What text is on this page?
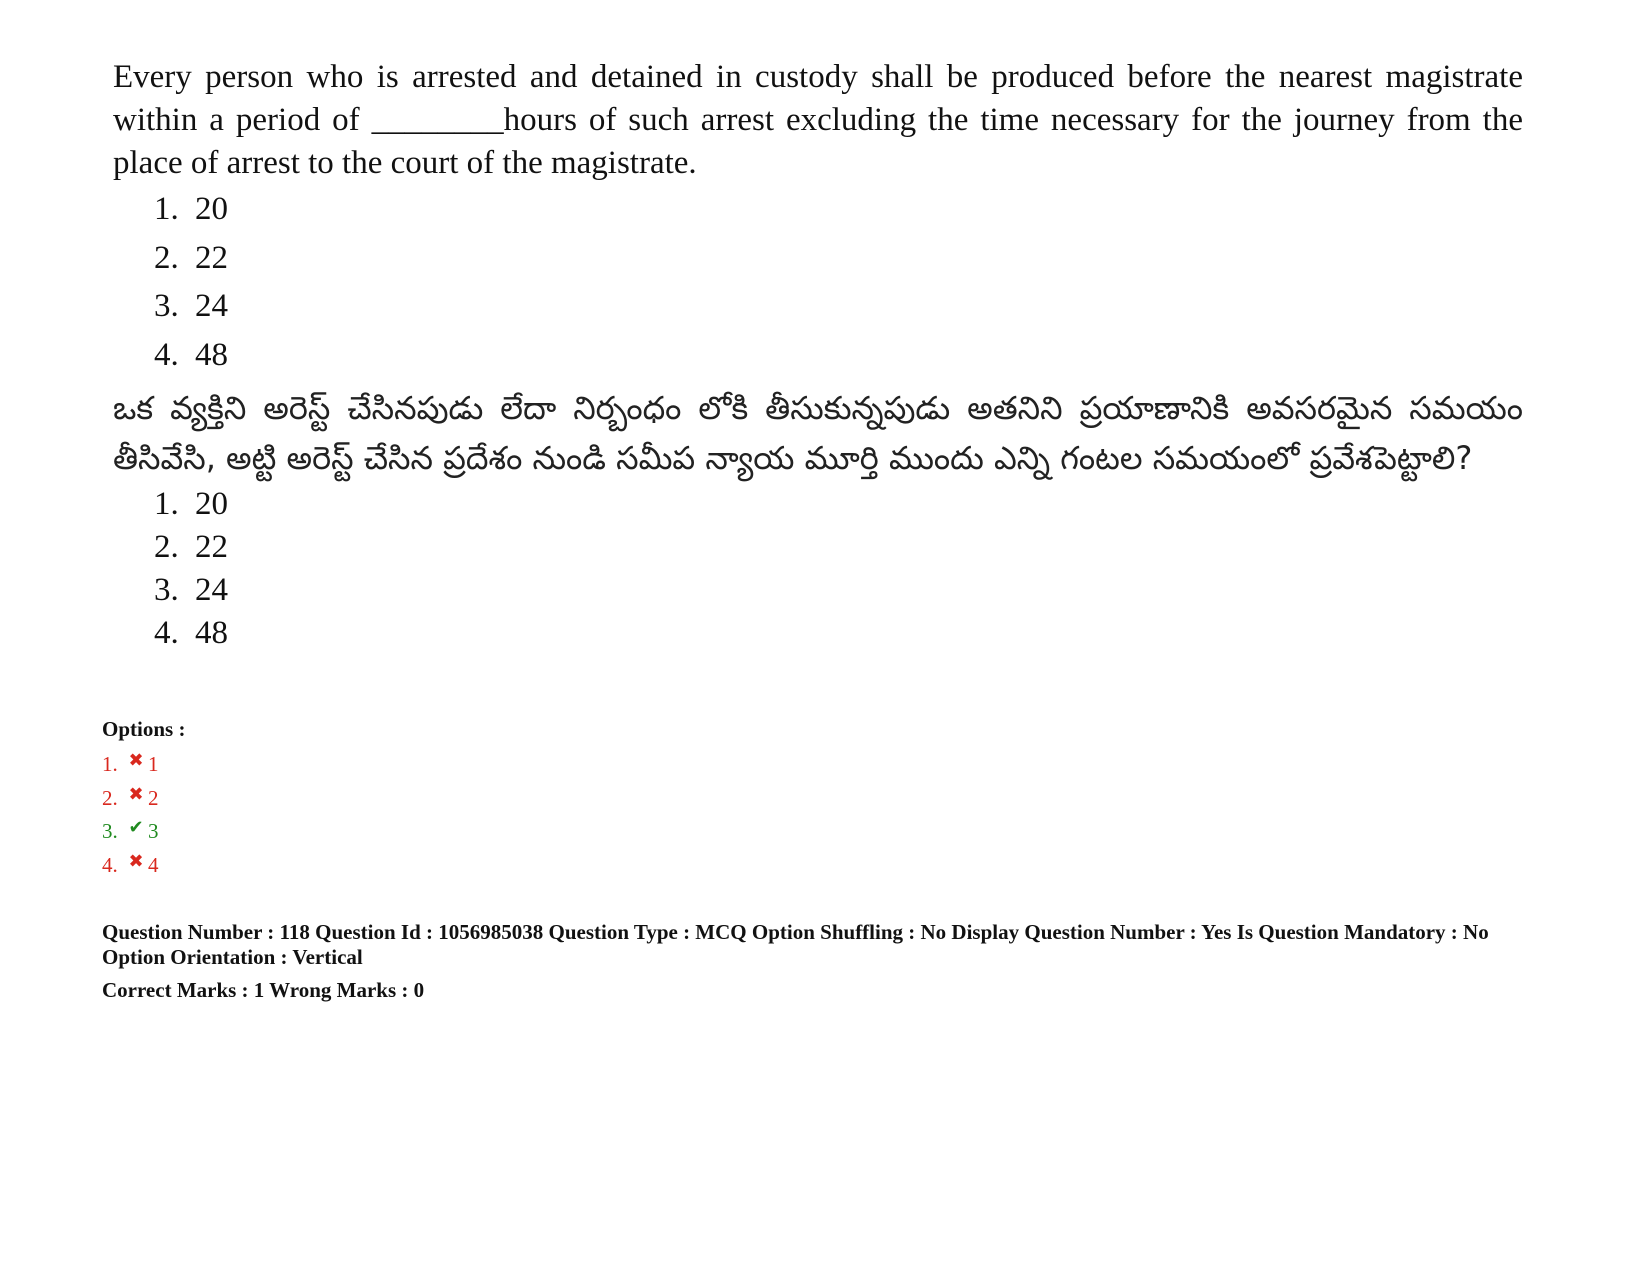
Every person who is arrested and detained in custody shall be produced before the nearest magistrate within a period of ________hours of such arrest excluding the time necessary for the journey from the place of arrest to the court of the magistrate.

1. 20
2. 22
3. 24
4. 48

ఒక వ్యక్తిని అరెస్ట్ చేసినపుడు లేదా నిర్బంధం లోకి తీసుకున్నపుడు అతనిని ప్రయాణానికి అవసరమైన సమయం తీసివేసి, అట్టి అరెస్ట్ చేసిన ప్రదేశం నుండి సమీప న్యాయ మూర్తి ముందు ఎన్ని గంటల సమయంలో ప్రవేశపెట్టాలి?

1. 20
2. 22
3. 24
4. 48

Options :

1. ✖ 1
2. ✖ 2
3. ✔ 3
4. ✖ 4

Question Number : 118 Question Id : 1056985038 Question Type : MCQ Option Shuffling : No Display Question Number : Yes Is Question Mandatory : No Option Orientation : Vertical

Correct Marks : 1 Wrong Marks : 0
